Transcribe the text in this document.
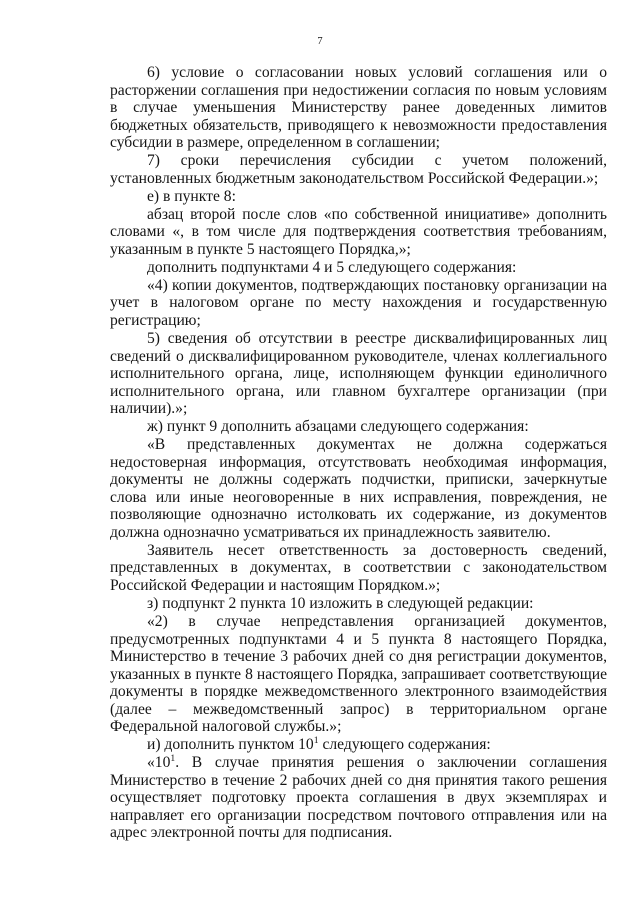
7

6) условие о согласовании новых условий соглашения или о расторжении соглашения при недостижении согласия по новым условиям в случае уменьшения Министерству ранее доведенных лимитов бюджетных обязательств, приводящего к невозможности предоставления субсидии в размере, определенном в соглашении;

7) сроки перечисления субсидии с учетом положений, установленных бюджетным законодательством Российской Федерации.»;

е) в пункте 8:

абзац второй после слов «по собственной инициативе» дополнить словами «, в том числе для подтверждения соответствия требованиям, указанным в пункте 5 настоящего Порядка,»;

дополнить подпунктами 4 и 5 следующего содержания:

«4) копии документов, подтверждающих постановку организации на учет в налоговом органе по месту нахождения и государственную регистрацию;

5) сведения об отсутствии в реестре дисквалифицированных лиц сведений о дисквалифицированном руководителе, членах коллегиального исполнительного органа, лице, исполняющем функции единоличного исполнительного органа, или главном бухгалтере организации (при наличии).»;

ж) пункт 9 дополнить абзацами следующего содержания:

«В представленных документах не должна содержаться недостоверная информация, отсутствовать необходимая информация, документы не должны содержать подчистки, приписки, зачеркнутые слова или иные неоговоренные в них исправления, повреждения, не позволяющие однозначно истолковать их содержание, из документов должна однозначно усматриваться их принадлежность заявителю.

Заявитель несет ответственность за достоверность сведений, представленных в документах, в соответствии с законодательством Российской Федерации и настоящим Порядком.»;

з) подпункт 2 пункта 10 изложить в следующей редакции:

«2) в случае непредставления организацией документов, предусмотренных подпунктами 4 и 5 пункта 8 настоящего Порядка, Министерство в течение 3 рабочих дней со дня регистрации документов, указанных в пункте 8 настоящего Порядка, запрашивает соответствующие документы в порядке межведомственного электронного взаимодействия (далее – межведомственный запрос) в территориальном органе Федеральной налоговой службы.»;

и) дополнить пунктом $10^1$ следующего содержания:

«$10^1$. В случае принятия решения о заключении соглашения Министерство в течение 2 рабочих дней со дня принятия такого решения осуществляет подготовку проекта соглашения в двух экземплярах и направляет его организации посредством почтового отправления или на адрес электронной почты для подписания.
